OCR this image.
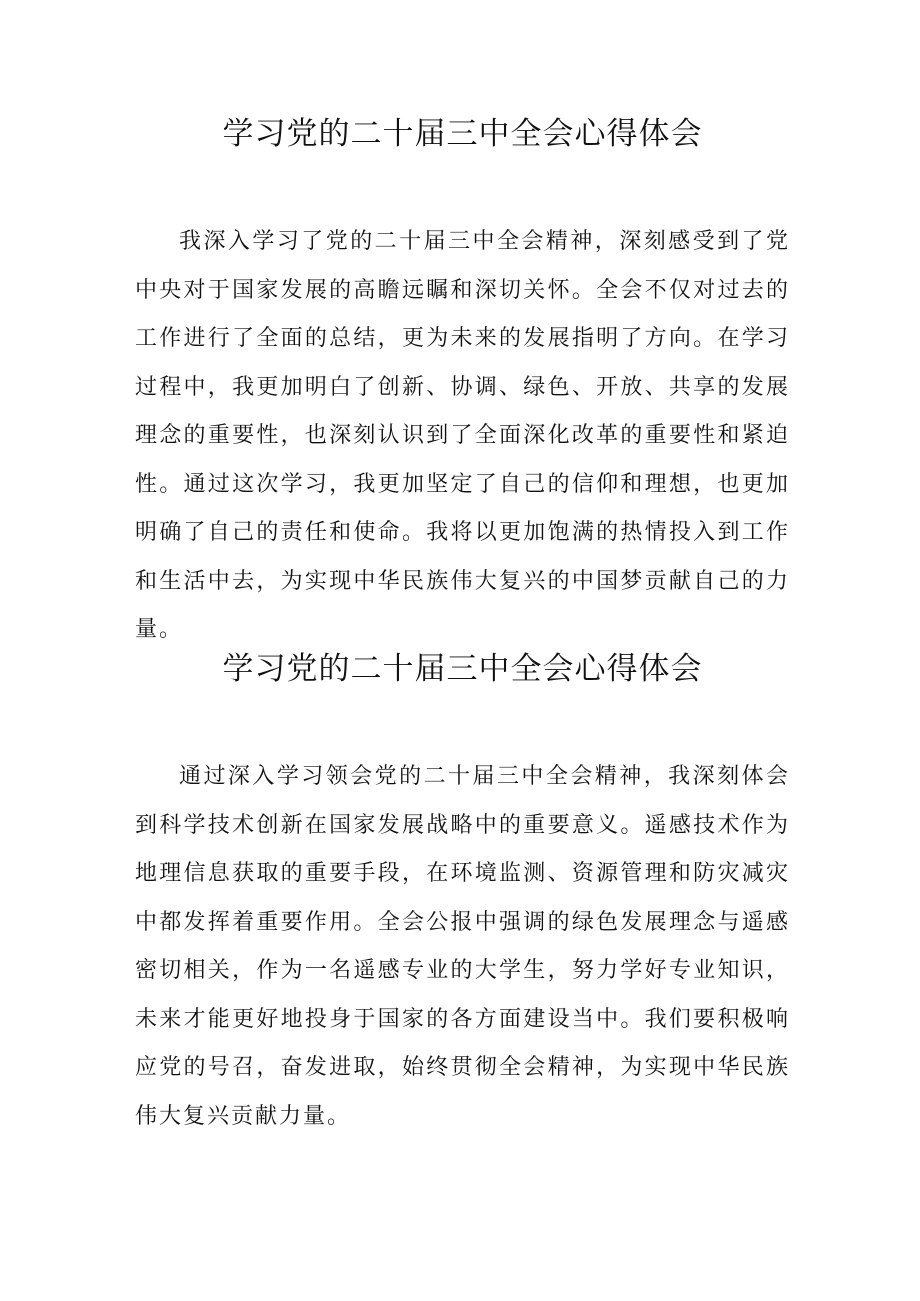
学习党的二十届三中全会心得体会

我深入学习了党的二十届三中全会精神，深刻感受到了党中央对于国家发展的高瞻远瞩和深切关怀。全会不仅对过去的工作进行了全面的总结，更为未来的发展指明了方向。在学习过程中，我更加明白了创新、协调、绿色、开放、共享的发展理念的重要性，也深刻认识到了全面深化改革的重要性和紧迫性。通过这次学习，我更加坚定了自己的信仰和理想，也更加明确了自己的责任和使命。我将以更加饱满的热情投入到工作和生活中去，为实现中华民族伟大复兴的中国梦贡献自己的力量。

学习党的二十届三中全会心得体会

通过深入学习领会党的二十届三中全会精神，我深刻体会到科学技术创新在国家发展战略中的重要意义。遥感技术作为地理信息获取的重要手段，在环境监测、资源管理和防灾减灾中都发挥着重要作用。全会公报中强调的绿色发展理念与遥感密切相关，作为一名遥感专业的大学生，努力学好专业知识，未来才能更好地投身于国家的各方面建设当中。我们要积极响应党的号召，奋发进取，始终贯彻全会精神，为实现中华民族伟大复兴贡献力量。
